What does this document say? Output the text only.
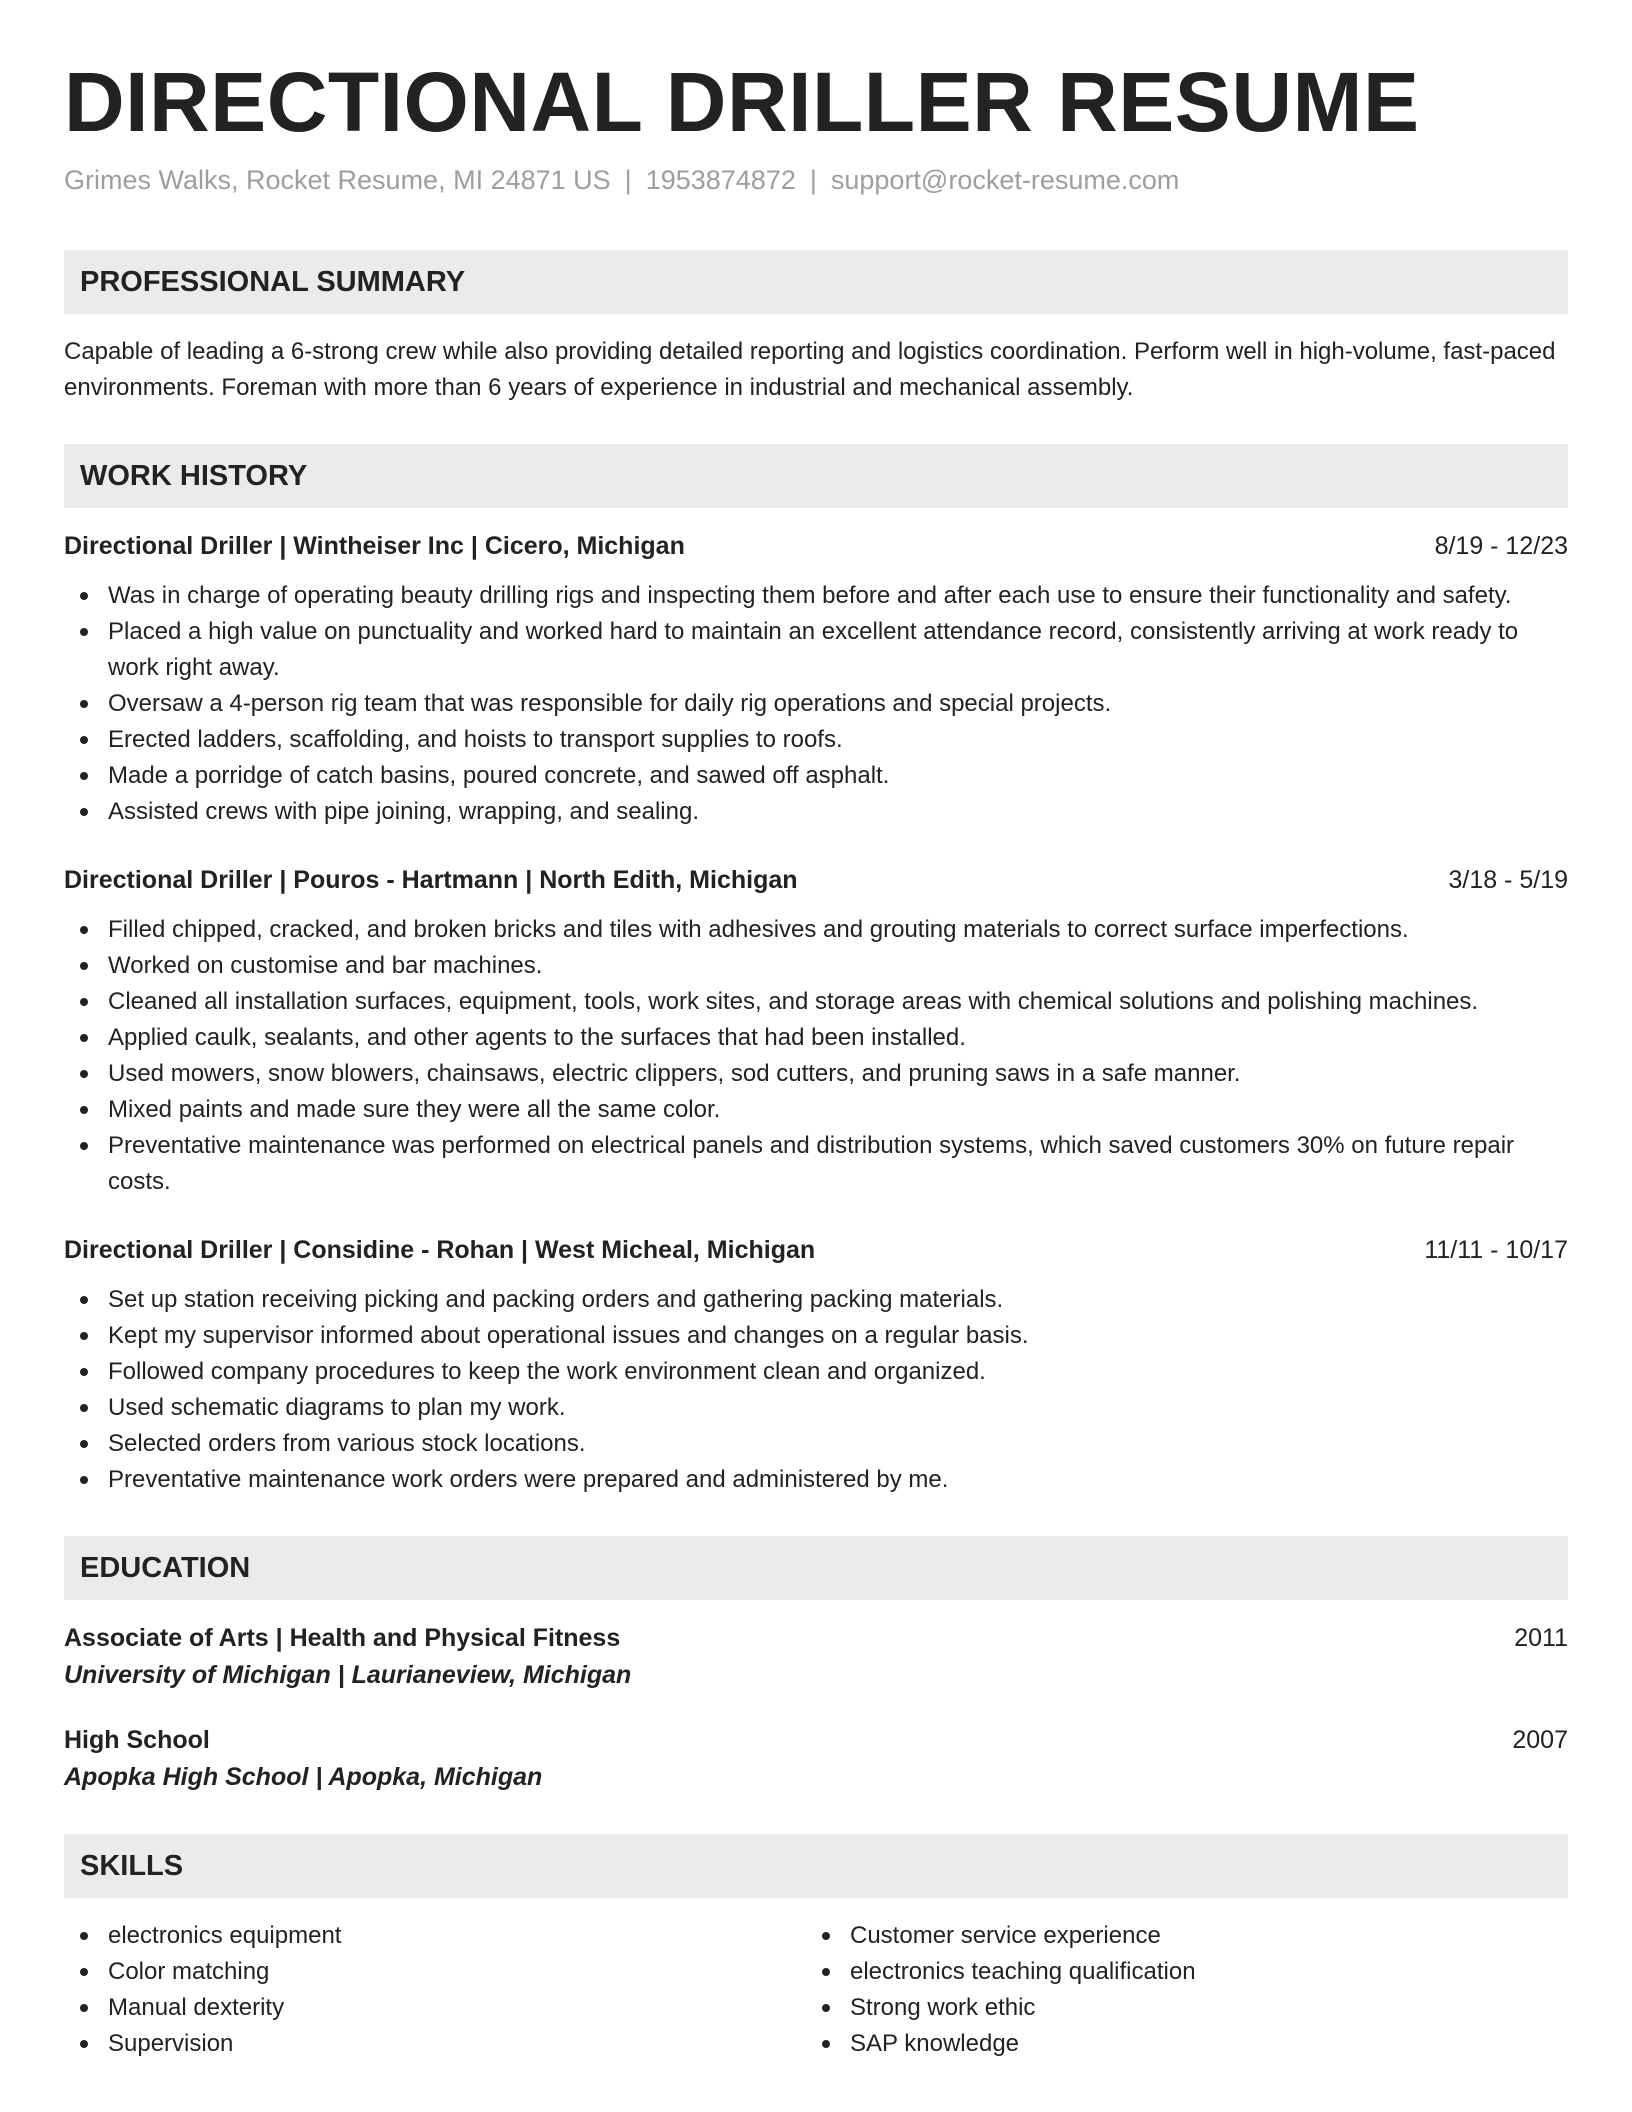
DIRECTIONAL DRILLER RESUME
Grimes Walks, Rocket Resume, MI 24871 US | 1953874872 | support@rocket-resume.com
PROFESSIONAL SUMMARY

Capable of leading a 6-strong crew while also providing detailed reporting and logistics coordination. Perform well in high-volume, fast-paced environments. Foreman with more than 6 years of experience in industrial and mechanical assembly.

WORK HISTORY
Directional Driller | Wintheiser Inc | Cicero, Michigan	8/19 - 12/23
Was in charge of operating beauty drilling rigs and inspecting them before and after each use to ensure their functionality and safety.
Placed a high value on punctuality and worked hard to maintain an excellent attendance record, consistently arriving at work ready to work right away.
Oversaw a 4-person rig team that was responsible for daily rig operations and special projects.
Erected ladders, scaffolding, and hoists to transport supplies to roofs.
Made a porridge of catch basins, poured concrete, and sawed off asphalt.
Assisted crews with pipe joining, wrapping, and sealing.
Directional Driller | Pouros - Hartmann | North Edith, Michigan	3/18 - 5/19
Filled chipped, cracked, and broken bricks and tiles with adhesives and grouting materials to correct surface imperfections.
Worked on customise and bar machines.
Cleaned all installation surfaces, equipment, tools, work sites, and storage areas with chemical solutions and polishing machines.
Applied caulk, sealants, and other agents to the surfaces that had been installed.
Used mowers, snow blowers, chainsaws, electric clippers, sod cutters, and pruning saws in a safe manner.
Mixed paints and made sure they were all the same color.
Preventative maintenance was performed on electrical panels and distribution systems, which saved customers 30% on future repair costs.
Directional Driller | Considine - Rohan | West Micheal, Michigan	11/11 - 10/17
Set up station receiving picking and packing orders and gathering packing materials.
Kept my supervisor informed about operational issues and changes on a regular basis.
Followed company procedures to keep the work environment clean and organized.
Used schematic diagrams to plan my work.
Selected orders from various stock locations.
Preventative maintenance work orders were prepared and administered by me.
EDUCATION
Associate of Arts | Health and Physical Fitness	2011
University of Michigan | Laurianeview, Michigan
High School	2007
Apopka High School | Apopka, Michigan
SKILLS
electronics equipment
Color matching
Manual dexterity
Supervision
Customer service experience
electronics teaching qualification
Strong work ethic
SAP knowledge
